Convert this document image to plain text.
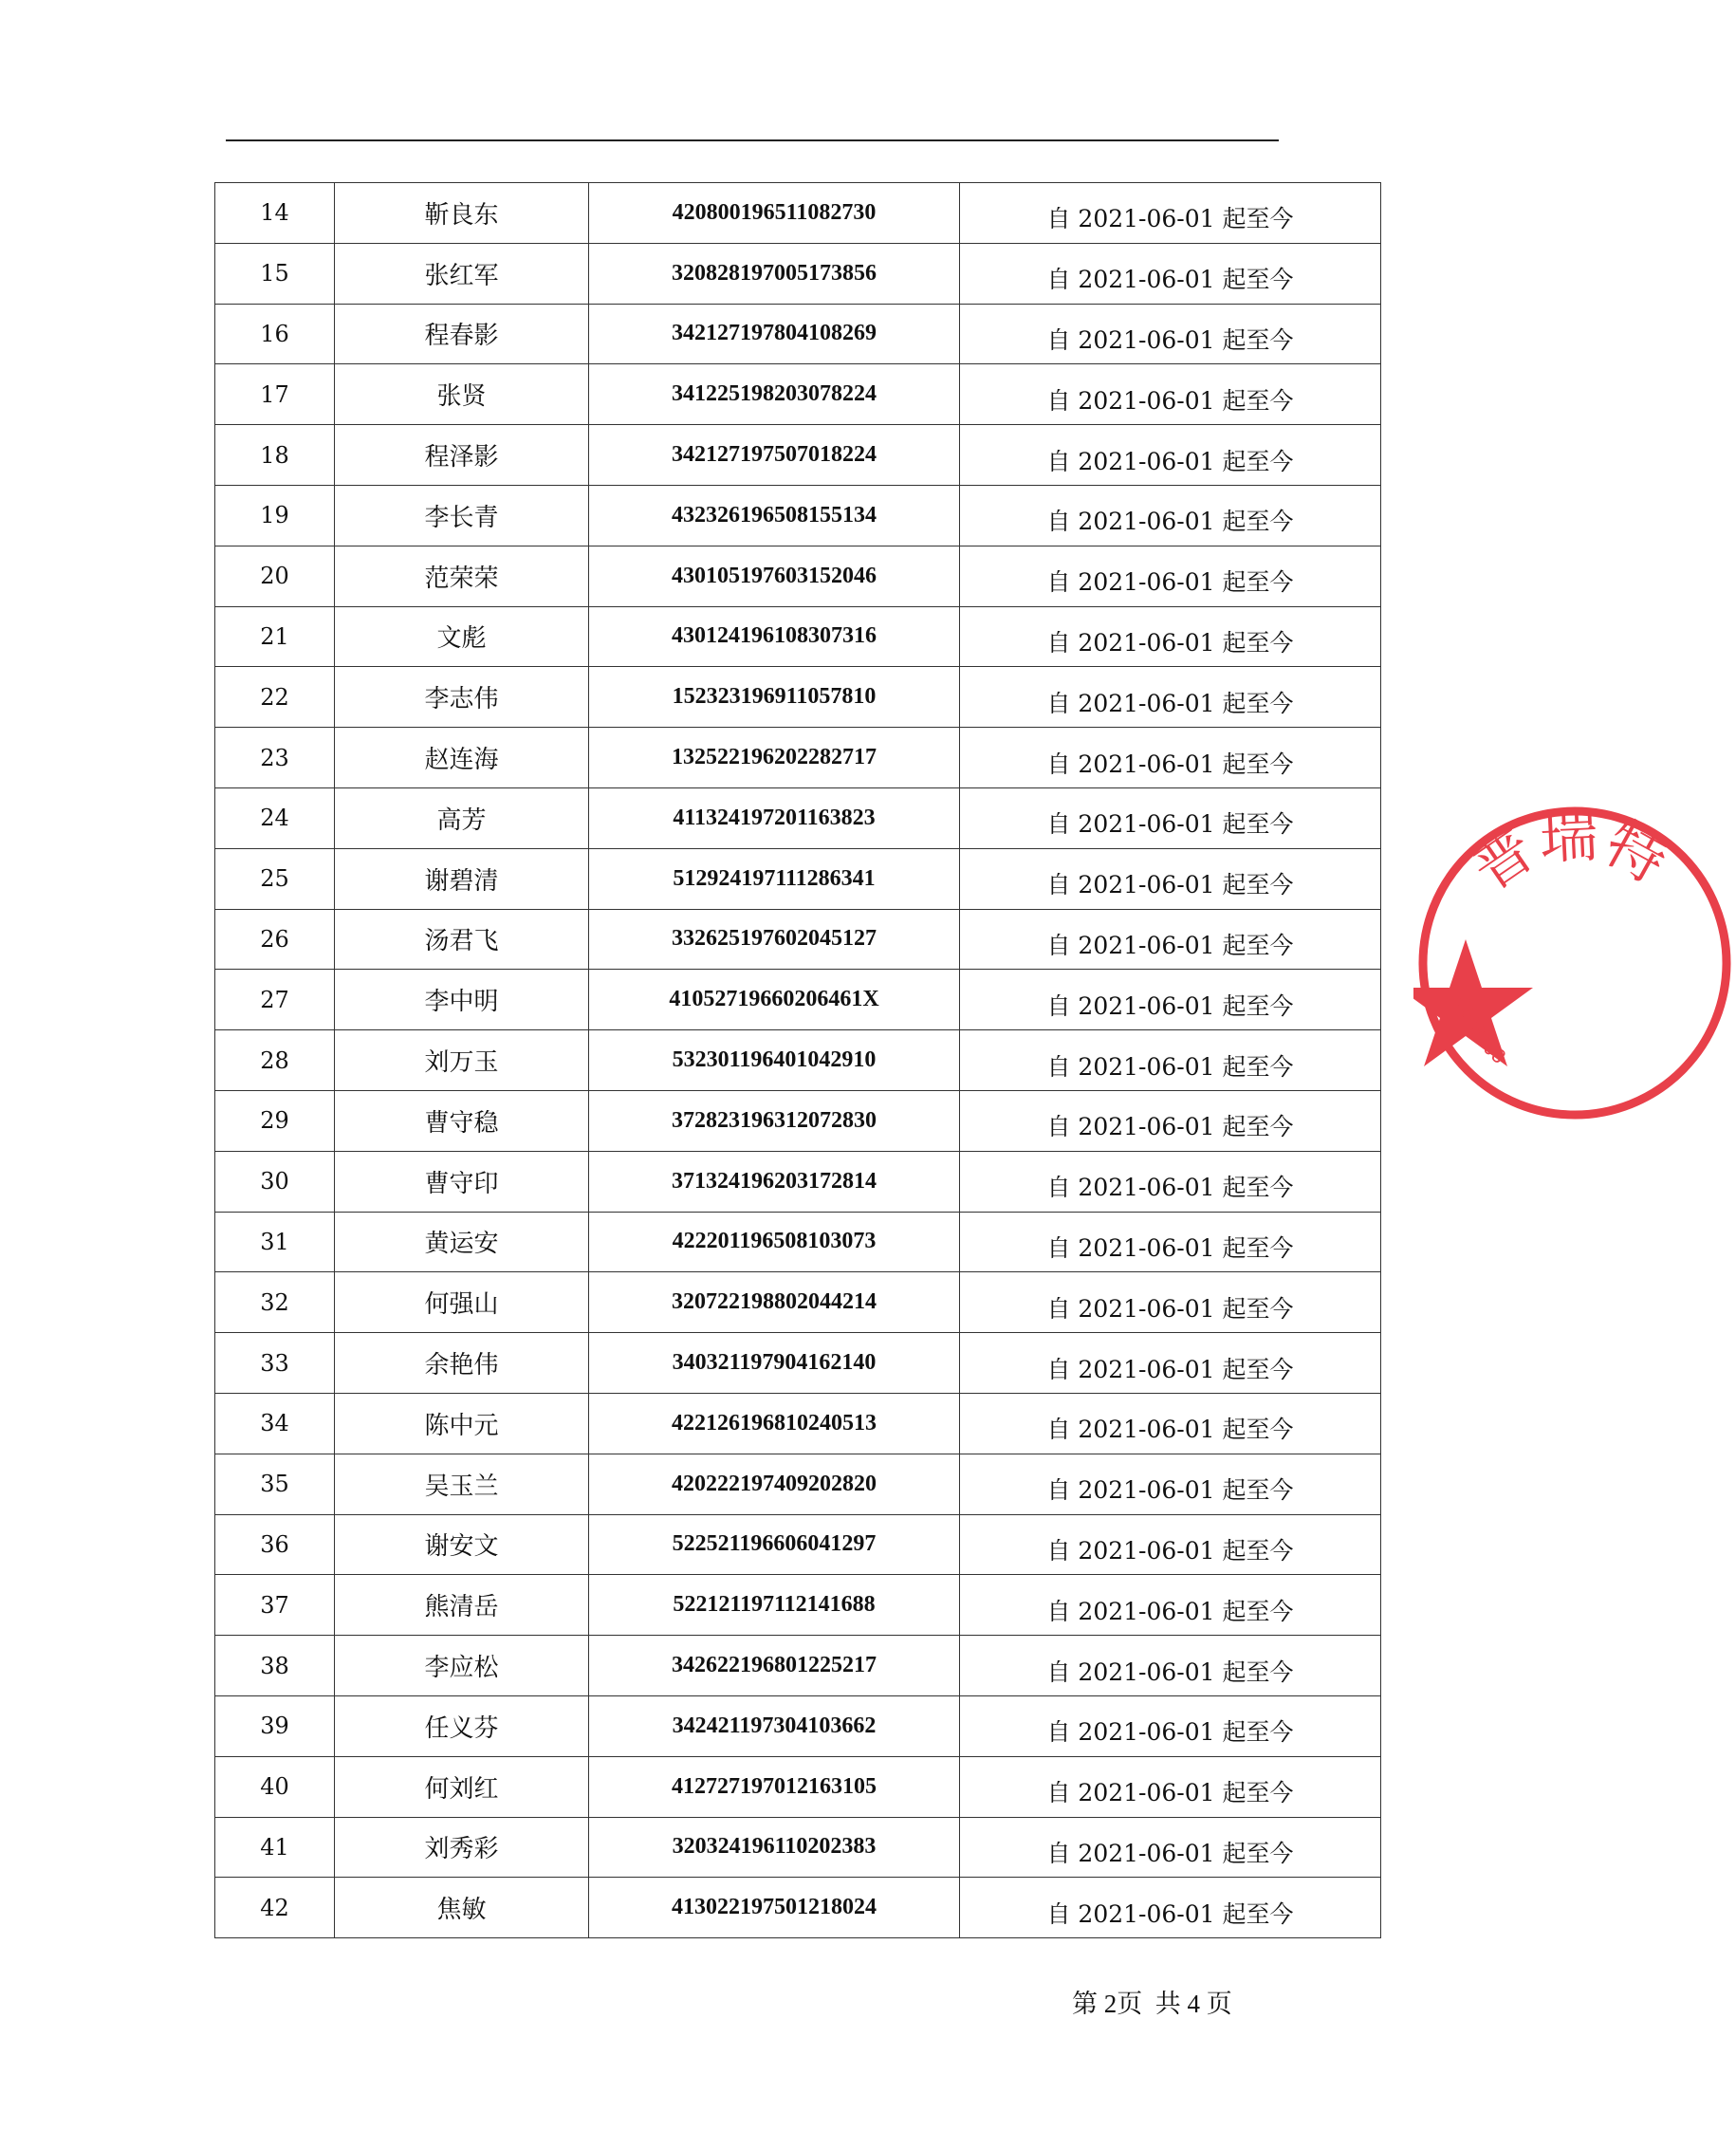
14	靳良东	420800196511082730	自 2021-06-01 起至今

15	张红军	320828197005173856	自 2021-06-01 起至今

16	程春影	342127197804108269	自 2021-06-01 起至今

17	张贤	341225198203078224	自 2021-06-01 起至今

18	程泽影	342127197507018224	自 2021-06-01 起至今

19	李长青	432326196508155134	自 2021-06-01 起至今

20	范荣荣	430105197603152046	自 2021-06-01 起至今

21	文彪	430124196108307316	自 2021-06-01 起至今

22	李志伟	152323196911057810	自 2021-06-01 起至今

23	赵连海	132522196202282717	自 2021-06-01 起至今

24	高芳	411324197201163823	自 2021-06-01 起至今

25	谢碧清	512924197111286341	自 2021-06-01 起至今

26	汤君飞	332625197602045127	自 2021-06-01 起至今

27	李中明	41052719660206461X	自 2021-06-01 起至今

28	刘万玉	532301196401042910	自 2021-06-01 起至今

29	曹守稳	372823196312072830	自 2021-06-01 起至今

30	曹守印	371324196203172814	自 2021-06-01 起至今

31	黄运安	422201196508103073	自 2021-06-01 起至今

32	何强山	320722198802044214	自 2021-06-01 起至今

33	余艳伟	340321197904162140	自 2021-06-01 起至今

34	陈中元	422126196810240513	自 2021-06-01 起至今

35	吴玉兰	420222197409202820	自 2021-06-01 起至今

36	谢安文	522521196606041297	自 2021-06-01 起至今

37	熊清岳	522121197112141688	自 2021-06-01 起至今

38	李应松	342622196801225217	自 2021-06-01 起至今

39	任义芬	342421197304103662	自 2021-06-01 起至今

40	何刘红	412727197012163105	自 2021-06-01 起至今

41	刘秀彩	320324196110202383	自 2021-06-01 起至今

42	焦敏	413022197501218024	自 2021-06-01 起至今
普瑞特
0008708
第 2页  共 4 页
